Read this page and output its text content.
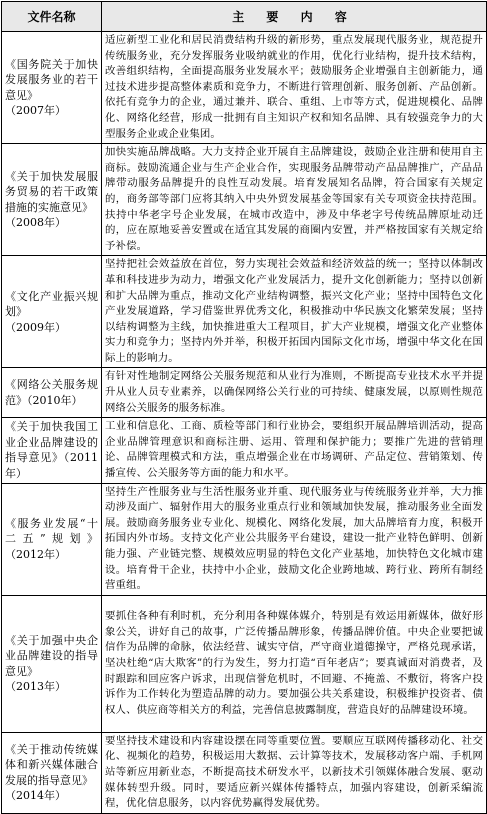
文件名称	主 要 内 容
《国务院关于加快发展服务业的若干意见》
（2007年）	适应新型工业化和居民消费结构升级的新形势，重点发展现代服务业，规范提升传统服务业，充分发挥服务业吸纳就业的作用，优化行业结构，提升技术结构，改善组织结构，全面提高服务业发展水平；鼓励服务企业增强自主创新能力，通过技术进步提高整体素质和竞争力，不断进行管理创新、服务创新、产品创新。依托有竞争力的企业，通过兼并、联合、重组、上市等方式，促进规模化、品牌化、网络化经营，形成一批拥有自主知识产权和知名品牌、具有较强竞争力的大型服务企业或企业集团。
《关于加快发展服务贸易的若干政策措施的实施意见》
（2008年）	加快实施品牌战略。大力支持企业开展自主品牌建设，鼓励企业注册和使用自主商标。鼓励流通企业与生产企业合作，实现服务品牌带动产品品牌推广，产品品牌带动服务品牌提升的良性互动发展。培育发展知名品牌，符合国家有关规定的，商务部等部门应将其纳入中央外贸发展基金等国家有关专项资金扶持范围。扶持中华老字号企业发展，在城市改造中，涉及中华老字号传统品牌原址动迁的，应在原地妥善安置或在适宜其发展的商圈内安置，并严格按国家有关规定给予补偿。
《文化产业振兴规划》
（2009年）	坚持把社会效益放在首位，努力实现社会效益和经济效益的统一；坚持以体制改革和科技进步为动力，增强文化产业发展活力，提升文化创新能力；坚持以创新和扩大品牌为重点，推动文化产业结构调整，振兴文化产业；坚持中国特色文化产业发展道路，学习借鉴世界优秀文化，积极推动中华民族文化繁荣发展；坚持以结构调整为主线，加快推进重大工程项目，扩大产业规模，增强文化产业整体实力和竞争力；坚持内外并举，积极开拓国内国际文化市场，增强中华文化在国际上的影响力。
《网络公关服务规范》（2010年）	有针对性地制定网络公关服务规范和从业行为准则，不断提高专业技术水平并提升从业人员专业素养，以确保网络公关行业的可持续、健康发展，以原则性规范网络公关服务的服务标准。
《关于加快我国工业企业品牌建设的指导意见》（2011年）	工业和信息化、工商、质检等部门和行业协会，要组织开展品牌培训活动，提高企业品牌管理意识和商标注册、运用、管理和保护能力；要推广先进的营销理论、品牌管理模式和方法，重点增强企业在市场调研、产品定位、营销策划、传播宣传、公关服务等方面的能力和水平。
《服务业发展“十二五”规划》（2012年）	坚持生产性服务业与生活性服务业并重、现代服务业与传统服务业并举，大力推动涉及面广、辐射作用大的服务业重点行业和领域加快发展，推动服务业全面发展。鼓励商务服务业专业化、规模化、网络化发展，加大品牌培育力度，积极开拓国内外市场。支持文化产业公共服务平台建设，建设一批产业特色鲜明、创新能力强、产业链完整、规模效应明显的特色文化产业基地，加快特色文化城市建设。培育骨干企业，扶持中小企业，鼓励文化企业跨地域、跨行业、跨所有制经营重组。
《关于加强中央企业品牌建设的指导意见》
（2013年）	要抓住各种有利时机，充分利用各种媒体媒介，特别是有效运用新媒体，做好形象公关，讲好自己的故事，广泛传播品牌形象，传播品牌价值。中央企业要把诚信作为品牌的命脉，依法经营、诚实守信，严守商业道德操守，严格兑现承诺，坚决杜绝“店大欺客”的行为发生，努力打造“百年老店”；要真诚面对消费者，及时跟踪和回应客户诉求，出现信誉危机时，不回避、不掩盖、不敷衍，将客户投诉作为工作转化为塑造品牌的动力。要加强公共关系建设，积极维护投资者、债权人、供应商等相关方的利益，完善信息披露制度，营造良好的品牌建设环境。
《关于推动传统媒体和新兴媒体融合发展的指导意见》
（2014年）	要坚持技术建设和内容建设摆在同等重要位置。要顺应互联网传播移动化、社交化、视频化的趋势，积极运用大数据、云计算等技术，发展移动客户端、手机网站等新应用新业态，不断提高技术研发水平，以新技术引领媒体融合发展、驱动媒体转型升级。同时，要适应新兴媒体传播特点，加强内容建设，创新采编流程，优化信息服务，以内容优势赢得发展优势。
